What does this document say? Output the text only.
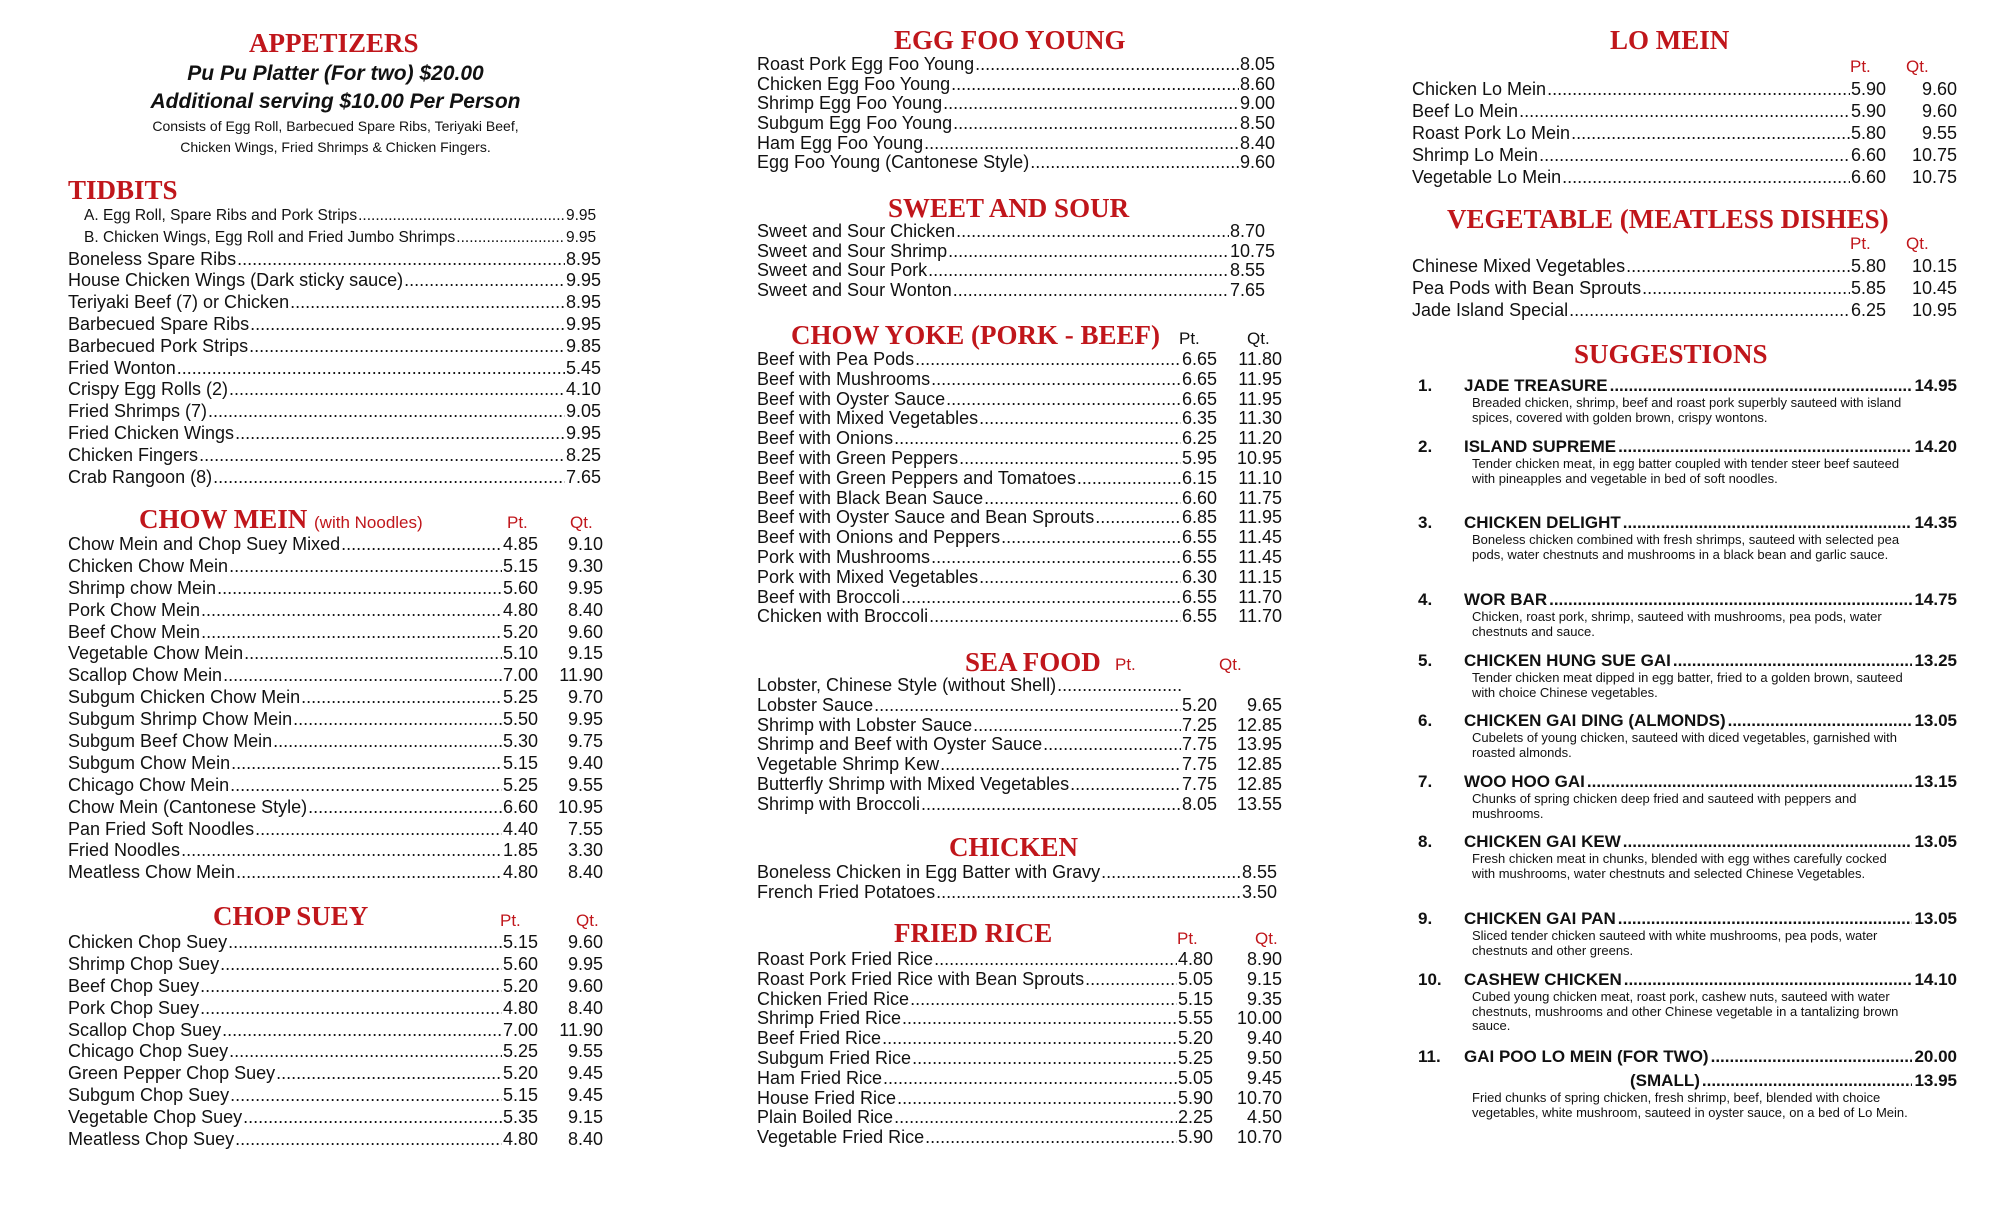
APPETIZERS
Pu Pu Platter (For two) $20.00
Additional serving $10.00 Per Person
Consists of Egg Roll, Barbecued Spare Ribs, Teriyaki Beef,
Chicken Wings, Fried Shrimps & Chicken Fingers.
TIDBITS
A. Egg Roll, Spare Ribs and Pork Strips .....	9.95
B. Chicken Wings, Egg Roll and Fried Jumbo Shrimps .....	9.95
Boneless Spare Ribs .....	8.95
House Chicken Wings (Dark sticky sauce) .....	9.95
Teriyaki Beef (7) or Chicken .....	8.95
Barbecued Spare Ribs .....	9.95
Barbecued Pork Strips .....	9.85
Fried Wonton .....	5.45
Crispy Egg Rolls (2) .....	4.10
Fried Shrimps (7) .....	9.05
Fried Chicken Wings .....	9.95
Chicken Fingers .....	8.25
Crab Rangoon (8) .....	7.65
CHOW MEIN (with Noodles)	Pt. Qt.
Chow Mein and Chop Suey Mixed .....	4.85	9.10
Chicken Chow Mein .....	5.15	9.30
Shrimp chow Mein .....	5.60	9.95
Pork Chow Mein .....	4.80	8.40
Beef Chow Mein .....	5.20	9.60
Vegetable Chow Mein .....	5.10	9.15
Scallop Chow Mein .....	7.00	11.90
Subgum Chicken Chow Mein .....	5.25	9.70
Subgum Shrimp Chow Mein .....	5.50	9.95
Subgum Beef Chow Mein .....	5.30	9.75
Subgum Chow Mein .....	5.15	9.40
Chicago Chow Mein .....	5.25	9.55
Chow Mein (Cantonese Style) .....	6.60	10.95
Pan Fried Soft Noodles .....	4.40	7.55
Fried Noodles .....	1.85	3.30
Meatless Chow Mein .....	4.80	8.40
CHOP SUEY	Pt.	Qt.
Chicken Chop Suey .....	5.15	9.60
Shrimp Chop Suey .....	5.60	9.95
Beef Chop Suey .....	5.20	9.60
Pork Chop Suey .....	4.80	8.40
Scallop Chop Suey .....	7.00	11.90
Chicago Chop Suey .....	5.25	9.55
Green Pepper Chop Suey .....	5.20	9.45
Subgum Chop Suey .....	5.15	9.45
Vegetable Chop Suey .....	5.35	9.15
Meatless Chop Suey .....	4.80	8.40
EGG FOO YOUNG
Roast Pork Egg Foo Young .....	8.05
Chicken Egg Foo Young .....	8.60
Shrimp Egg Foo Young .....	9.00
Subgum Egg Foo Young .....	8.50
Ham Egg Foo Young .....	8.40
Egg Foo Young (Cantonese Style) .....	9.60
SWEET AND SOUR
Sweet and Sour Chicken .....	8.70
Sweet and Sour Shrimp .....	10.75
Sweet and Sour Pork .....	8.55
Sweet and Sour Wonton .....	7.65
CHOW YOKE (PORK - BEEF) Pt.	Qt.
Beef with Pea Pods .....	6.65	11.80
Beef with Mushrooms .....	6.65	11.95
Beef with Oyster Sauce .....	6.65	11.95
Beef with Mixed Vegetables .....	6.35	11.30
Beef with Onions .....	6.25	11.20
Beef with Green Peppers .....	5.95	10.95
Beef with Green Peppers and Tomatoes .....	6.15	11.10
Beef with Black Bean Sauce .....	6.60	11.75
Beef with Oyster Sauce and Bean Sprouts .....	6.85	11.95
Beef with Onions and Peppers .....	6.55	11.45
Pork with Mushrooms .....	6.55	11.45
Pork with Mixed Vegetables .....	6.30	11.15
Beef with Broccoli .....	6.55	11.70
Chicken with Broccoli .....	6.55	11.70
SEA FOOD Pt.	Qt.
Lobster, Chinese Style (without Shell)
.....
Lobster Sauce .....	5.20	9.65
Shrimp with Lobster Sauce .....	7.25	12.85
Shrimp and Beef with Oyster Sauce .....	7.75	13.95
Vegetable Shrimp Kew .....	7.75	12.85
Butterfly Shrimp with Mixed Vegetables .....	7.75	12.85
Shrimp with Broccoli .....	8.05	13.55
CHICKEN
Boneless Chicken in Egg Batter with Gravy .....	8.55
French Fried Potatoes .....	3.50
FRIED RICE	Pt.	Qt.
Roast Pork Fried Rice .....	4.80	8.90
Roast Pork Fried Rice with Bean Sprouts .....	5.05	9.15
Chicken Fried Rice .....	5.15	9.35
Shrimp Fried Rice .....	5.55	10.00
Beef Fried Rice .....	5.20	9.40
Subgum Fried Rice .....	5.25	9.50
Ham Fried Rice .....	5.05	9.45
House Fried Rice .....	5.90	10.70
Plain Boiled Rice .....	2.25	4.50
Vegetable Fried Rice .....	5.90	10.70
LO MEIN
Pt. Qt.
Chicken Lo Mein .....	5.90	9.60
Beef Lo Mein .....	5.90	9.60
Roast Pork Lo Mein .....	5.80	9.55
Shrimp Lo Mein .....	6.60	10.75
Vegetable Lo Mein .....	6.60	10.75
VEGETABLE (MEATLESS DISHES)
Pt. Qt.
Chinese Mixed Vegetables .....	5.80	10.15
Pea Pods with Bean Sprouts .....	5.85	10.45
Jade Island Special .....	6.25	10.95
SUGGESTIONS
1. JADE TREASURE .....	14.95
Breaded chicken, shrimp, beef and roast pork superbly sauteed with island spices, covered with golden brown, crispy wontons.
2. ISLAND SUPREME .....	14.20
Tender chicken meat, in egg batter coupled with tender steer beef sauteed with pineapples and vegetable in bed of soft noodles.
3. CHICKEN DELIGHT .....	14.35
Boneless chicken combined with fresh shrimps, sauteed with selected pea pods, water chestnuts and mushrooms in a black bean and garlic sauce.
4. WOR BAR .....	14.75
Chicken, roast pork, shrimp, sauteed with mushrooms, pea pods, water chestnuts and sauce.
5. CHICKEN HUNG SUE GAI .....	13.25
Tender chicken meat dipped in egg batter, fried to a golden brown, sauteed with choice Chinese vegetables.
6. CHICKEN GAI DING (ALMONDS) .....	13.05
Cubelets of young chicken, sauteed with diced vegetables, garnished with roasted almonds.
7. WOO HOO GAI .....	13.15
Chunks of spring chicken deep fried and sauteed with peppers and mushrooms.
8. CHICKEN GAI KEW .....	13.05
Fresh chicken meat in chunks, blended with egg withes carefully cocked with mushrooms, water chestnuts and selected Chinese Vegetables.
9. CHICKEN GAI PAN .....	13.05
Sliced tender chicken sauteed with white mushrooms, pea pods, water chestnuts and other greens.
10. CASHEW CHICKEN .....	14.10
Cubed young chicken meat, roast pork, cashew nuts, sauteed with water chestnuts, mushrooms and other Chinese vegetable in a tantalizing brown sauce.
11. GAI POO LO MEIN (FOR TWO) .....	20.00
(SMALL) .....	13.95
Fried chunks of spring chicken, fresh shrimp, beef, blended with choice vegetables, white mushroom, sauteed in oyster sauce, on a bed of Lo Mein.
